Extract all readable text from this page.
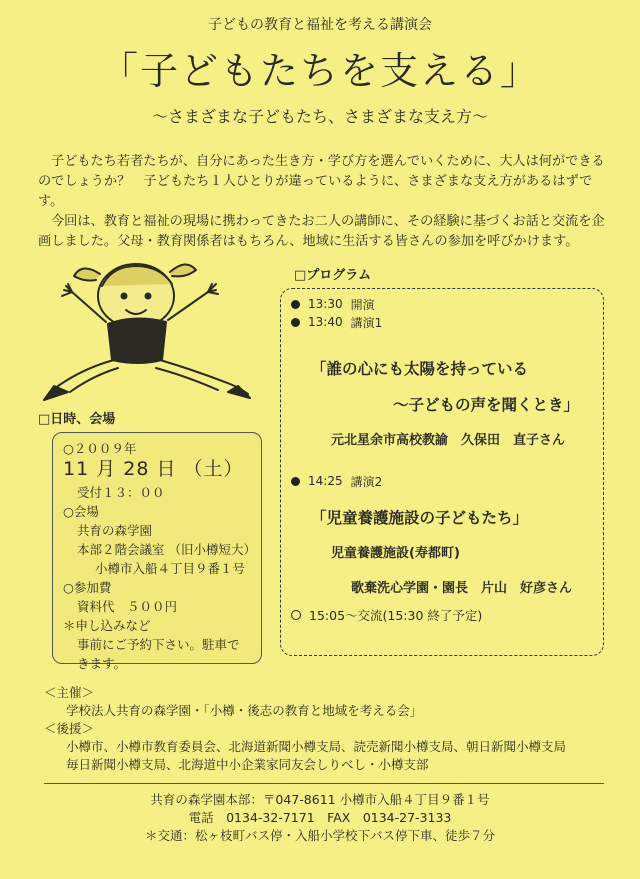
子どもの教育と福祉を考える講演会
「子どもたちを支える」
～さまざまな子どもたち、さまざまな支え方～

子どもたち若者たちが、自分にあった生き方・学び方を選んでいくために、大人は何ができるのでしょうか？　子どもたち１人ひとりが違っているように、さまざまな支え方があるはずです。

今回は、教育と福祉の現場に携わってきたお二人の講師に、その経験に基づくお話と交流を企画しました。父母・教育関係者はもちろん、地域に生活する皆さんの参加を呼びかけます。

□日時、会場
○２００９年
11 月 28 日 （土）
受付１３：００
○会場
共育の森学園
本部２階会議室 （旧小樽短大）
小樽市入船４丁目９番１号
○参加費
資料代　５００円
＊申し込みなど
事前にご予約下さい。駐車できます。
□プログラム
13:30 開演
13:40 講演1
「誰の心にも太陽を持っている
～子どもの声を聞くとき」
元北星余市高校教諭　久保田　直子さん
14:25 講演2
「児童養護施設の子どもたち」
児童養護施設(寿都町)
歌棄洗心学園・園長　片山　好彦さん
15:05～交流(15:30 終了予定)
＜主催＞
学校法人共育の森学園・「小樽・後志の教育と地域を考える会」
＜後援＞
小樽市、小樽市教育委員会、北海道新聞小樽支局、読売新聞小樽支局、朝日新聞小樽支局
毎日新聞小樽支局、北海道中小企業家同友会しりべし・小樽支部
共育の森学園本部：〒047-8611 小樽市入船４丁目９番１号
電話　0134-32-7171　FAX　0134-27-3133
＊交通：松ヶ枝町バス停・入船小学校下バス停下車、徒歩７分
